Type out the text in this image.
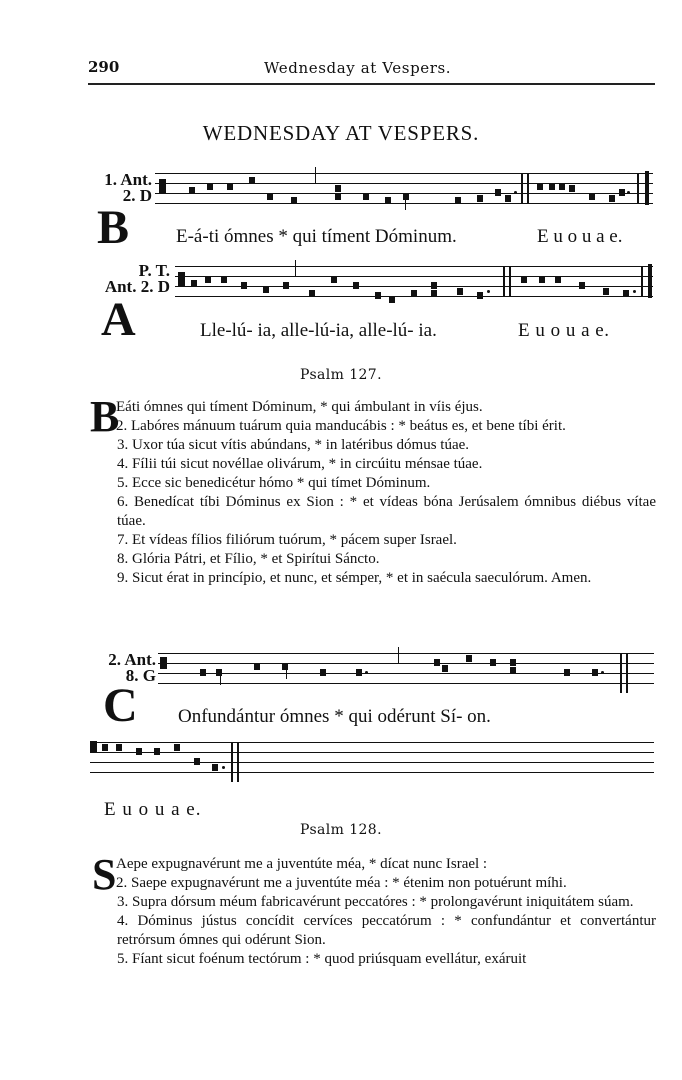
290	Wednesday at Vespers.
WEDNESDAY AT VESPERS.
1. Ant.
2. D
B E-á-ti ómnes * qui tíment Dóminum.	E u o u a e.
P. T.
Ant. 2. D
A	Lle-lú- ia, alle-lú-ia, alle-lú- ia.	E u o u a e.
Psalm 127.
B
Eáti ómnes qui tíment Dóminum, * qui ámbulant in víis éjus.
2. Labóres mánuum tuárum quia manducábis : * beátus es, et bene tíbi érit.
3. Uxor túa sicut vítis abúndans, * in latéribus dómus túae.
4. Fílii túi sicut novéllae olivárum, * in circúitu ménsae túae.
5. Ecce sic benedicétur hómo * qui tímet Dóminum.
6. Benedícat tíbi Dóminus ex Sion : * et vídeas bóna Jerúsalem ómnibus diébus vítae túae.
7. Et vídeas fílios filiórum tuórum, * pácem super Israel.
8. Glória Pátri, et Fílio, * et Spirítui Sáncto.
9. Sicut érat in princípio, et nunc, et sémper, * et in saécula saeculórum. Amen.
2. Ant.
8. G
C Onfundántur ómnes * qui odérunt Sí- on.
E u o u a e.
Psalm 128.
S Aepe expugnavérunt me a juventúte méa, * dícat nunc Israel :
2. Saepe expugnavérunt me a juventúte méa : * étenim non potuérunt míhi.
3. Supra dórsum méum fabricavérunt peccatóres : * prolongavérunt iniquitátem súam.
4. Dóminus jústus concídit cervíces peccatórum : * confundántur et convertántur retrórsum ómnes qui odérunt Sion.
5. Fíant sicut foénum tectórum : * quod priúsquam evellátur, exáruit
